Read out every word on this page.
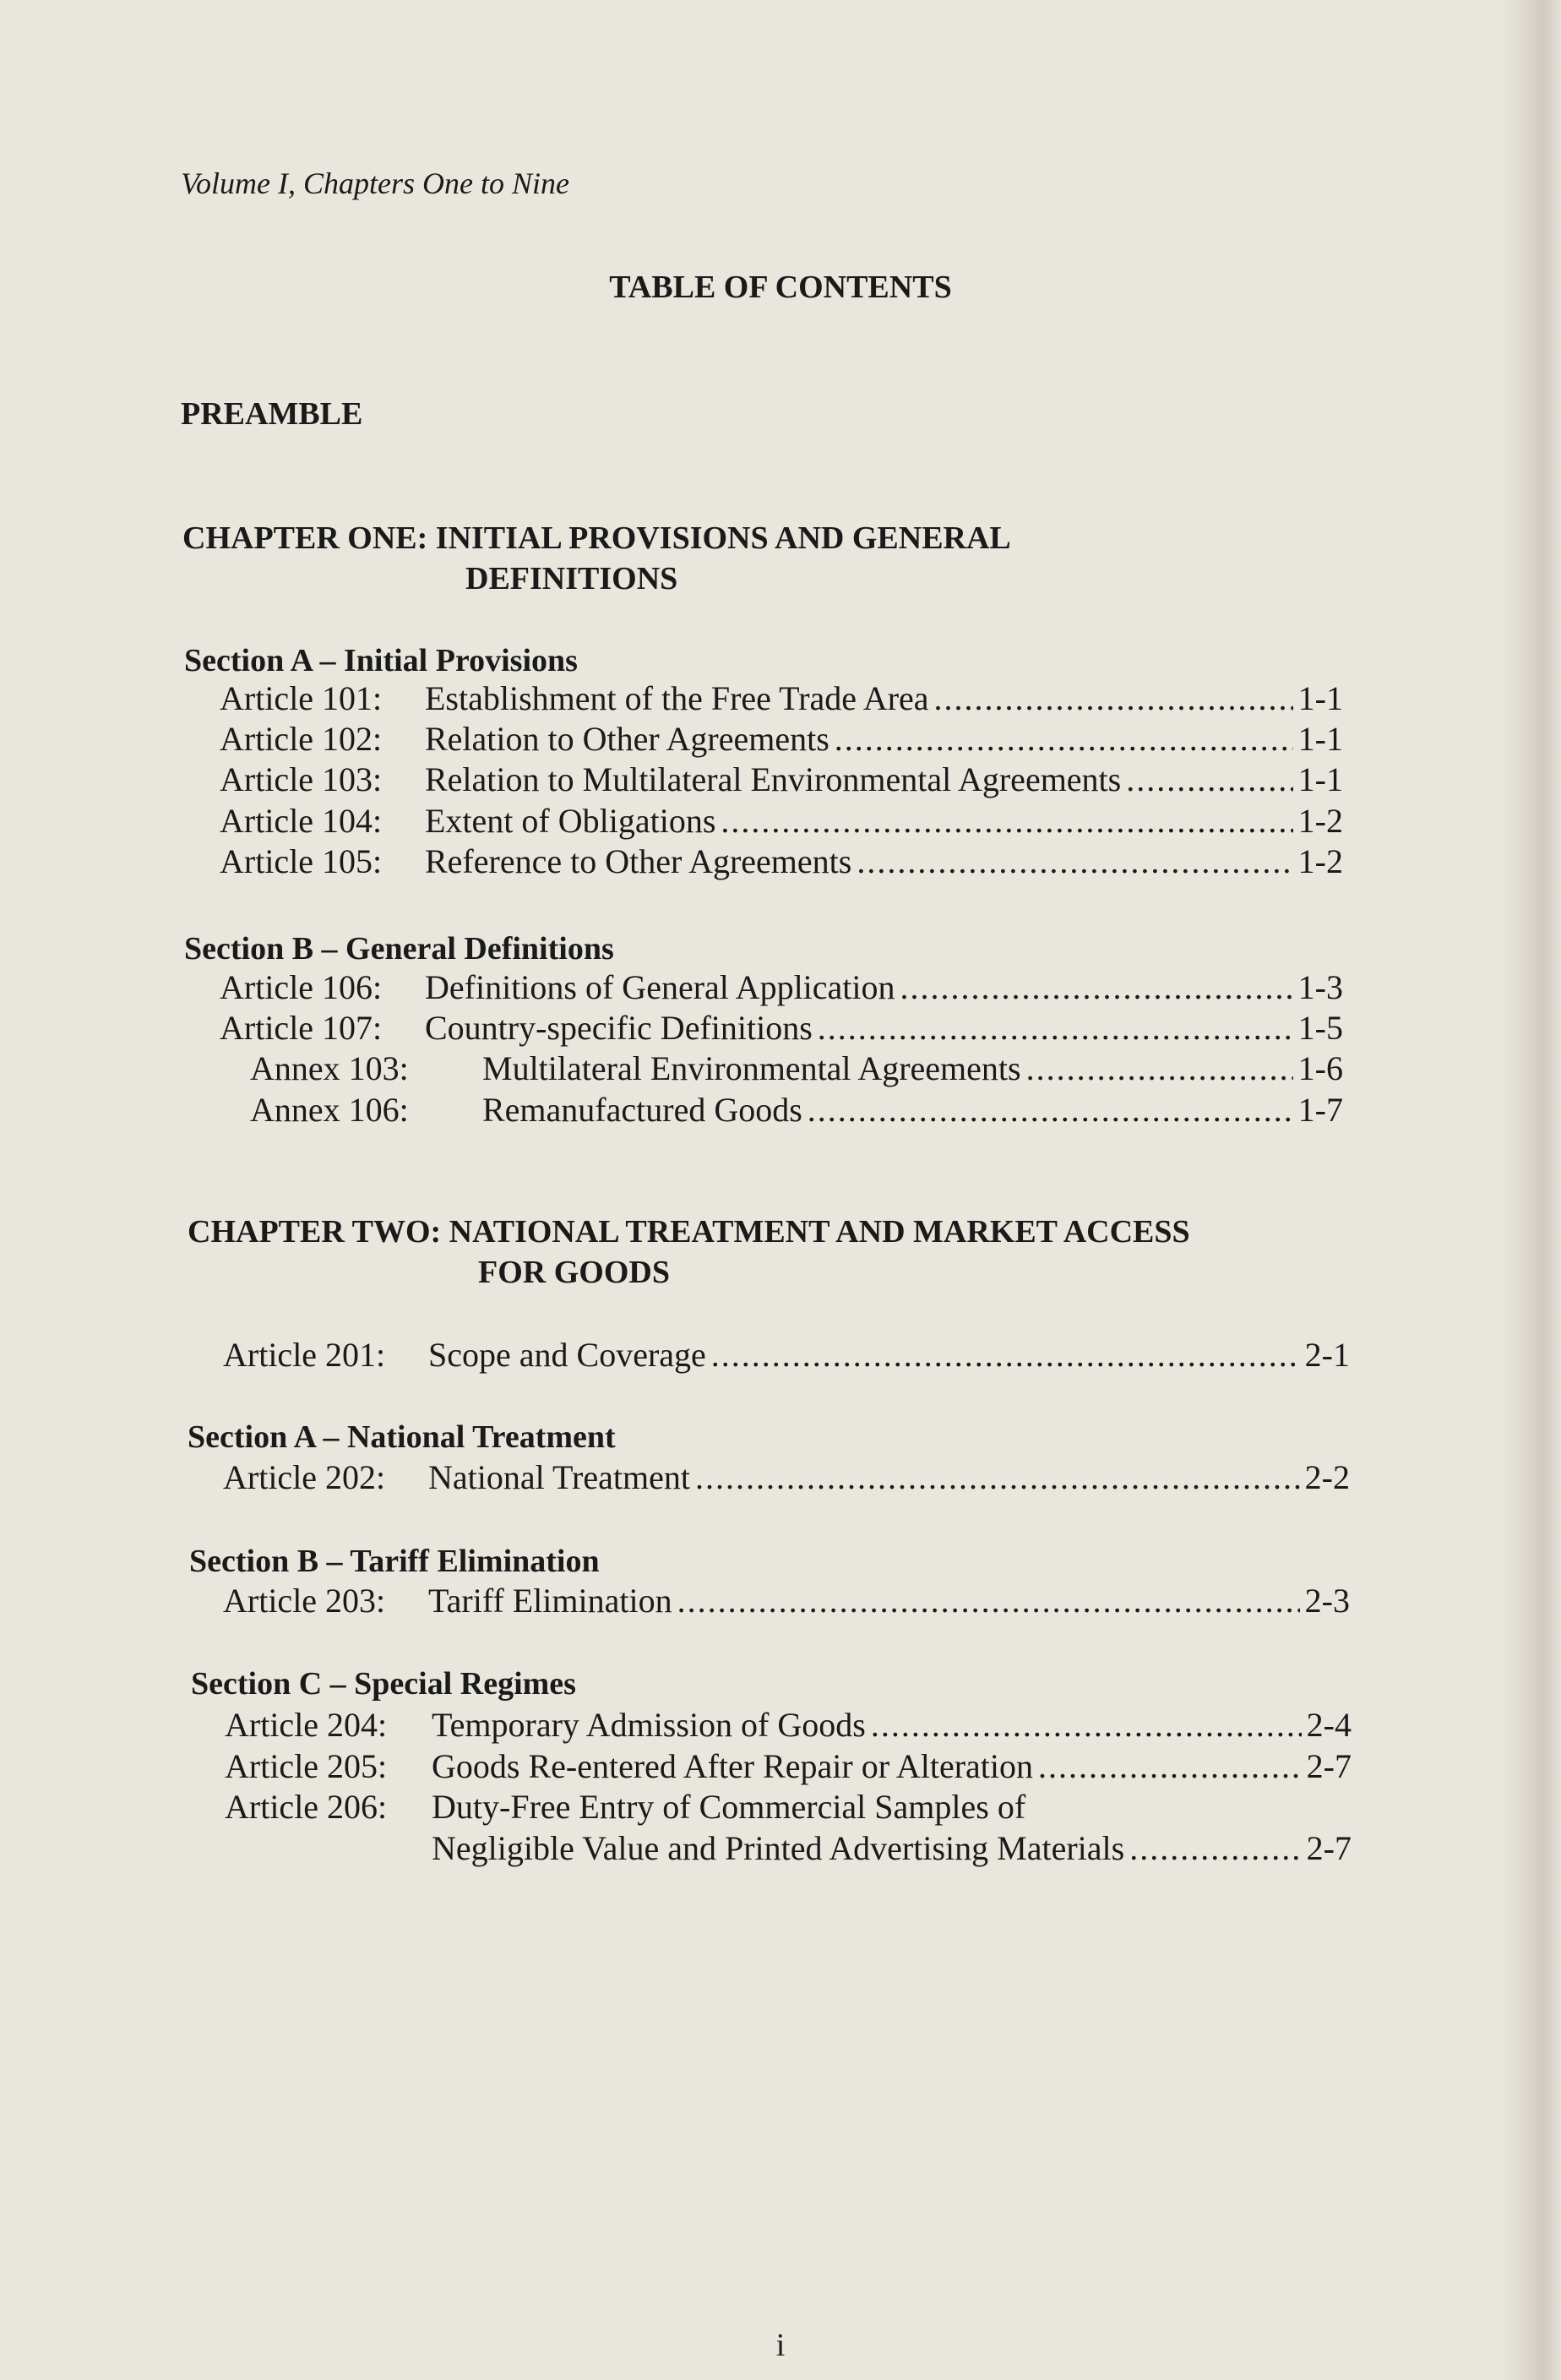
Volume I, Chapters One to Nine
TABLE OF CONTENTS
PREAMBLE
CHAPTER ONE: INITIAL PROVISIONS AND GENERAL
DEFINITIONS
Section A – Initial Provisions
Article 101:	Establishment of the Free Trade Area .....	1-1
Article 102:	Relation to Other Agreements .....	1-1
Article 103:	Relation to Multilateral Environmental Agreements .....	1-1
Article 104:	Extent of Obligations .....	1-2
Article 105:	Reference to Other Agreements .....	1-2
Section B – General Definitions
Article 106:	Definitions of General Application .....	1-3
Article 107:	Country-specific Definitions .....	1-5
Annex 103:	Multilateral Environmental Agreements .....	1-6
Annex 106:	Remanufactured Goods .....	1-7
CHAPTER TWO: NATIONAL TREATMENT AND MARKET ACCESS
FOR GOODS
Article 201:	Scope and Coverage .....	2-1
Section A – National Treatment
Article 202:	National Treatment .....	2-2
Section B – Tariff Elimination
Article 203:	Tariff Elimination .....	2-3
Section C – Special Regimes
Article 204:	Temporary Admission of Goods .....	2-4
Article 205:	Goods Re-entered After Repair or Alteration .....	2-7
Article 206:	Duty-Free Entry of Commercial Samples of
Negligible Value and Printed Advertising Materials .....	2-7
i
